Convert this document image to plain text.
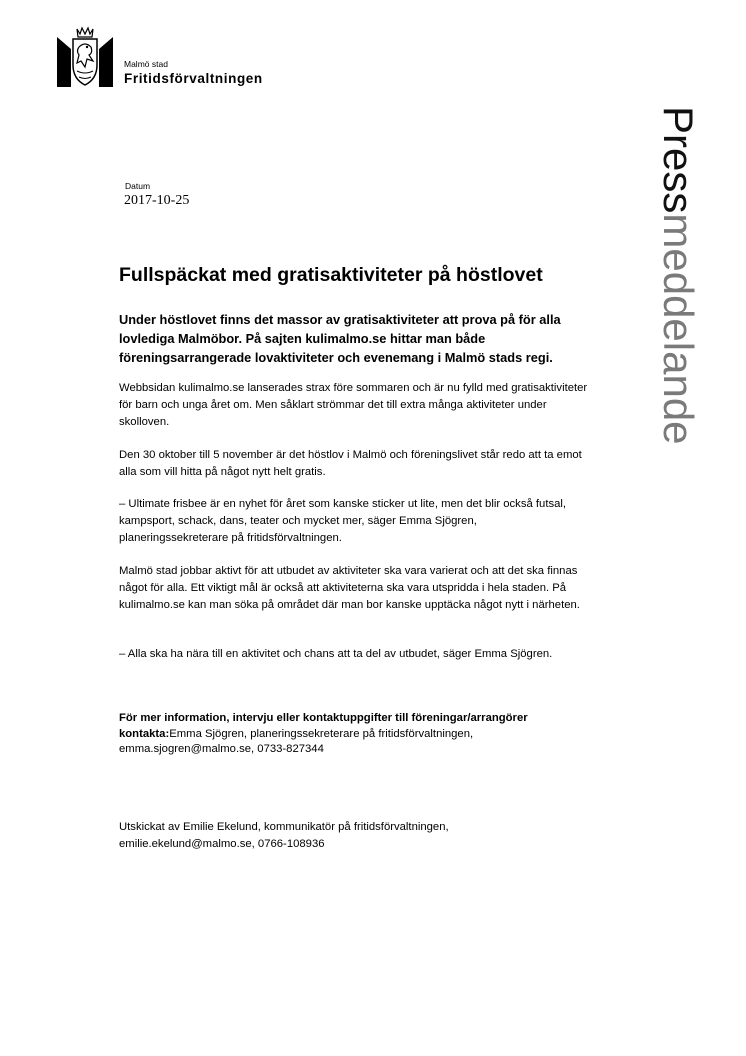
Malmö stad
Fritidsförvaltningen
Pressmeddelande
Datum
2017-10-25
Fullspäckat med gratisaktiviteter på höstlovet

Under höstlovet finns det massor av gratisaktiviteter att prova på för alla lovlediga Malmöbor. På sajten kulimalmo.se hittar man både föreningsarrangerade lovaktiviteter och evenemang i Malmö stads regi.

Webbsidan kulimalmo.se lanserades strax före sommaren och är nu fylld med gratisaktiviteter för barn och unga året om. Men såklart strömmar det till extra många aktiviteter under skolloven.

Den 30 oktober till 5 november är det höstlov i Malmö och föreningslivet står redo att ta emot alla som vill hitta på något nytt helt gratis.

– Ultimate frisbee är en nyhet för året som kanske sticker ut lite, men det blir också futsal, kampsport, schack, dans, teater och mycket mer, säger Emma Sjögren, planeringssekreterare på fritidsförvaltningen.

Malmö stad jobbar aktivt för att utbudet av aktiviteter ska vara varierat och att det ska finnas något för alla. Ett viktigt mål är också att aktiviteterna ska vara utspridda i hela staden. På kulimalmo.se kan man söka på området där man bor kanske upptäcka något nytt i närheten.

– Alla ska ha nära till en aktivitet och chans att ta del av utbudet, säger Emma Sjögren.

För mer information, intervju eller kontaktuppgifter till föreningar/arrangörer kontakta:Emma Sjögren, planeringssekreterare på fritidsförvaltningen, emma.sjogren@malmo.se, 0733-827344
Utskickat av Emilie Ekelund, kommunikatör på fritidsförvaltningen,
emilie.ekelund@malmo.se, 0766-108936
